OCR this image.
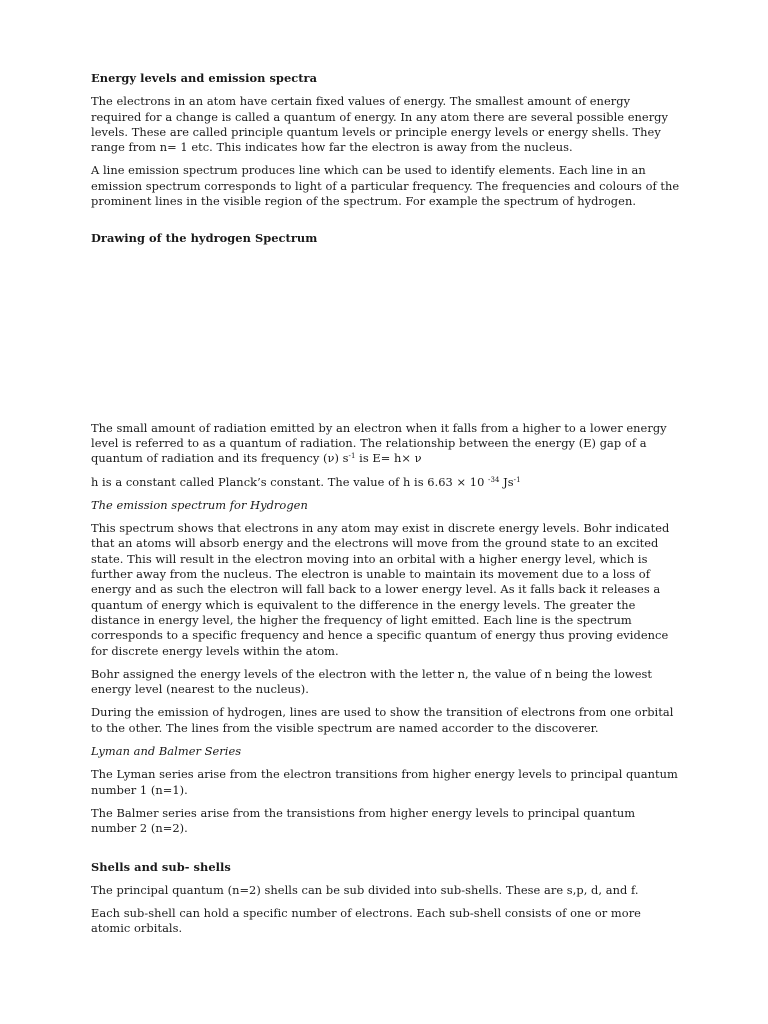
Energy levels and emission spectra

The electrons in an atom have certain fixed values of energy. The smallest amount of energy required for a change is called a quantum of energy. In any atom there are several possible energy levels. These are called principle quantum levels or principle energy levels or energy shells. They range from n= 1 etc. This indicates how far the electron is away from the nucleus.

A line emission spectrum produces line which can be used to identify elements. Each line in an emission spectrum corresponds to light of a particular frequency. The frequencies and colours of the prominent lines in the visible region of the spectrum. For example the spectrum of hydrogen.

Drawing of the hydrogen Spectrum

The small amount of radiation emitted by an electron when it falls from a higher to a lower energy level is referred to as a quantum of radiation. The relationship between the energy (E) gap of a quantum of radiation and its frequency (ν) $s^{-1}$ is E= h× ν

h is a constant called Planck’s constant. The value of h is 6.63 × 10 $^{-34}$ $Js^{-1}$

The emission spectrum for Hydrogen

This spectrum shows that electrons in any atom may exist in discrete energy levels. Bohr indicated that an atoms will absorb energy and the electrons will move from the ground state to an excited state. This will result in the electron moving into an orbital with a higher energy level, which is further away from the nucleus. The electron is unable to maintain its movement due to a loss of energy and as such the electron will fall back to a lower energy level. As it falls back it releases a quantum of energy which is equivalent to the difference in the energy levels. The greater the distance in energy level, the higher the frequency of light emitted. Each line is the spectrum corresponds to a specific frequency and hence a specific quantum of energy thus proving evidence for discrete energy levels within the atom.

Bohr assigned the energy levels of the electron with the letter n, the value of n being the lowest energy level (nearest to the nucleus).

During the emission of hydrogen, lines are used to show the transition of electrons from one orbital to the other. The lines from the visible spectrum are named accorder to the discoverer.

Lyman and Balmer Series

The Lyman series arise from the electron transitions from higher energy levels to principal quantum number 1 (n=1).

The Balmer series arise from the transistions from higher energy levels to principal quantum number 2 (n=2).

Shells and sub- shells

The principal quantum (n=2) shells can be sub divided into sub-shells. These are s,p, d, and f.

Each sub-shell can hold a specific number of electrons. Each sub-shell consists of one or more atomic orbitals.
